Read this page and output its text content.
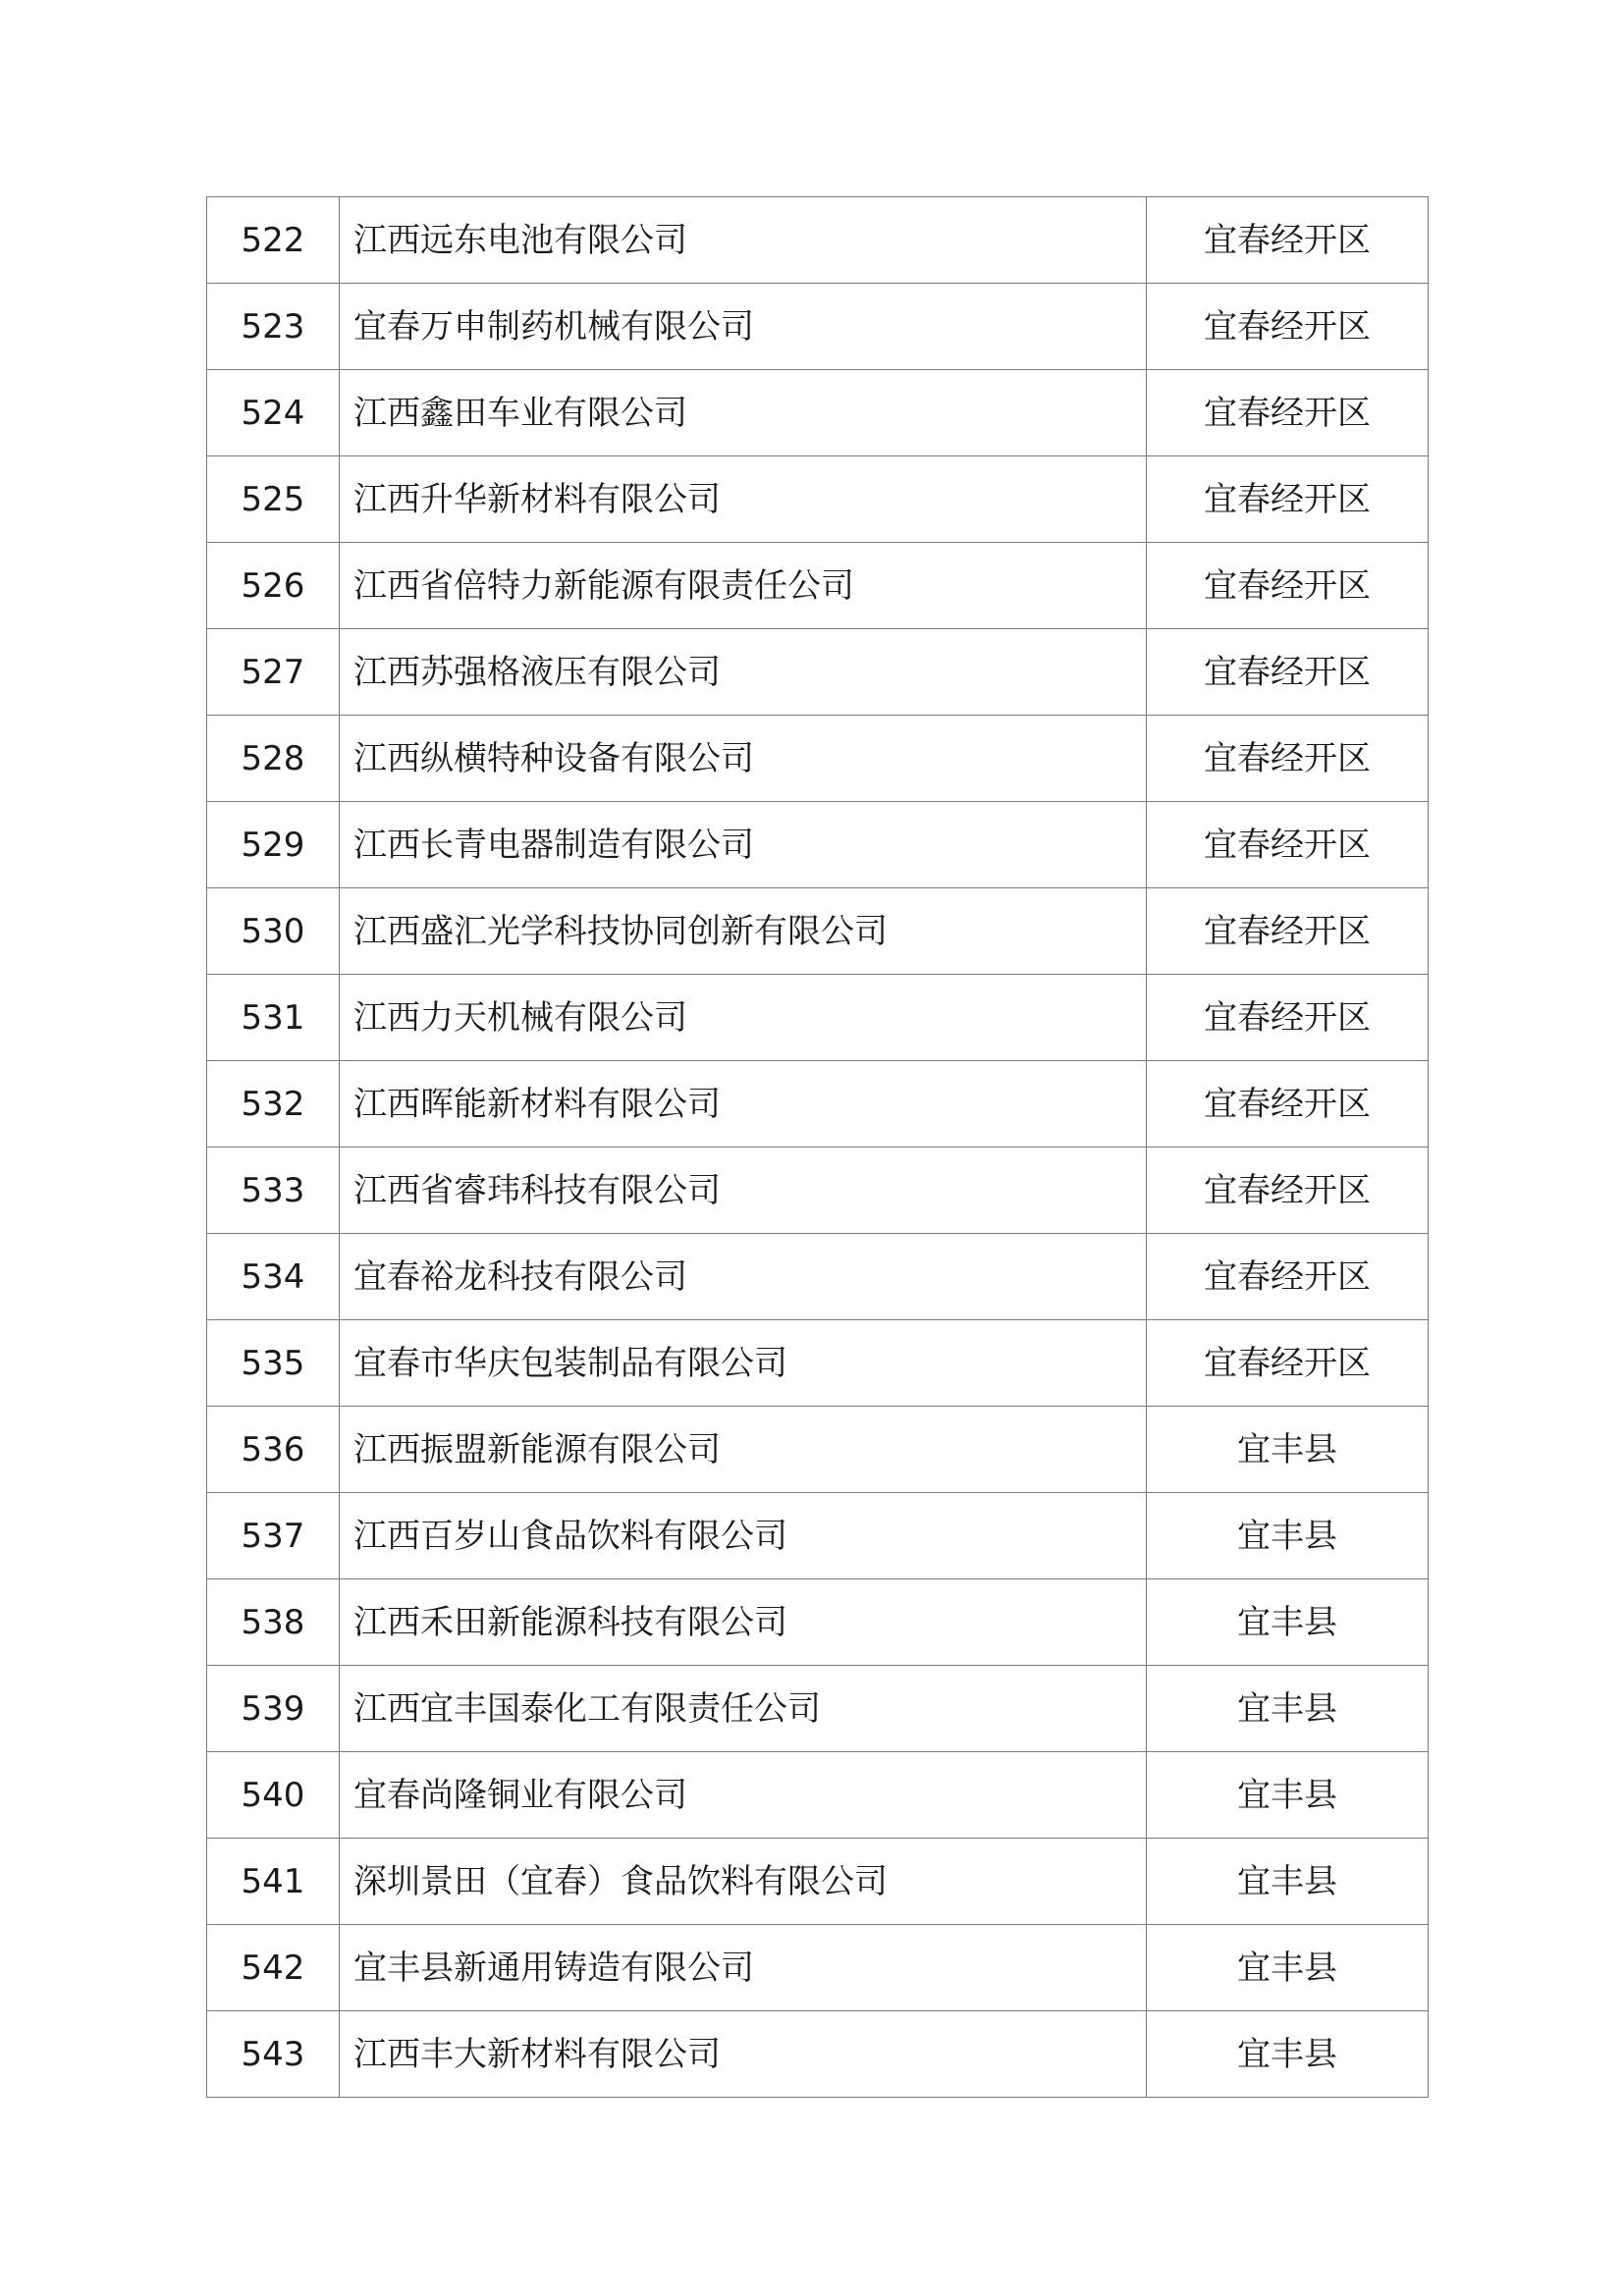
522	江西远东电池有限公司	宜春经开区
523	宜春万申制药机械有限公司	宜春经开区
524	江西鑫田车业有限公司	宜春经开区
525	江西升华新材料有限公司	宜春经开区
526	江西省倍特力新能源有限责任公司	宜春经开区
527	江西苏强格液压有限公司	宜春经开区
528	江西纵横特种设备有限公司	宜春经开区
529	江西长青电器制造有限公司	宜春经开区
530	江西盛汇光学科技协同创新有限公司	宜春经开区
531	江西力天机械有限公司	宜春经开区
532	江西晖能新材料有限公司	宜春经开区
533	江西省睿玮科技有限公司	宜春经开区
534	宜春裕龙科技有限公司	宜春经开区
535	宜春市华庆包装制品有限公司	宜春经开区
536	江西振盟新能源有限公司	宜丰县
537	江西百岁山食品饮料有限公司	宜丰县
538	江西禾田新能源科技有限公司	宜丰县
539	江西宜丰国泰化工有限责任公司	宜丰县
540	宜春尚隆铜业有限公司	宜丰县
541	深圳景田（宜春）食品饮料有限公司	宜丰县
542	宜丰县新通用铸造有限公司	宜丰县
543	江西丰大新材料有限公司	宜丰县
